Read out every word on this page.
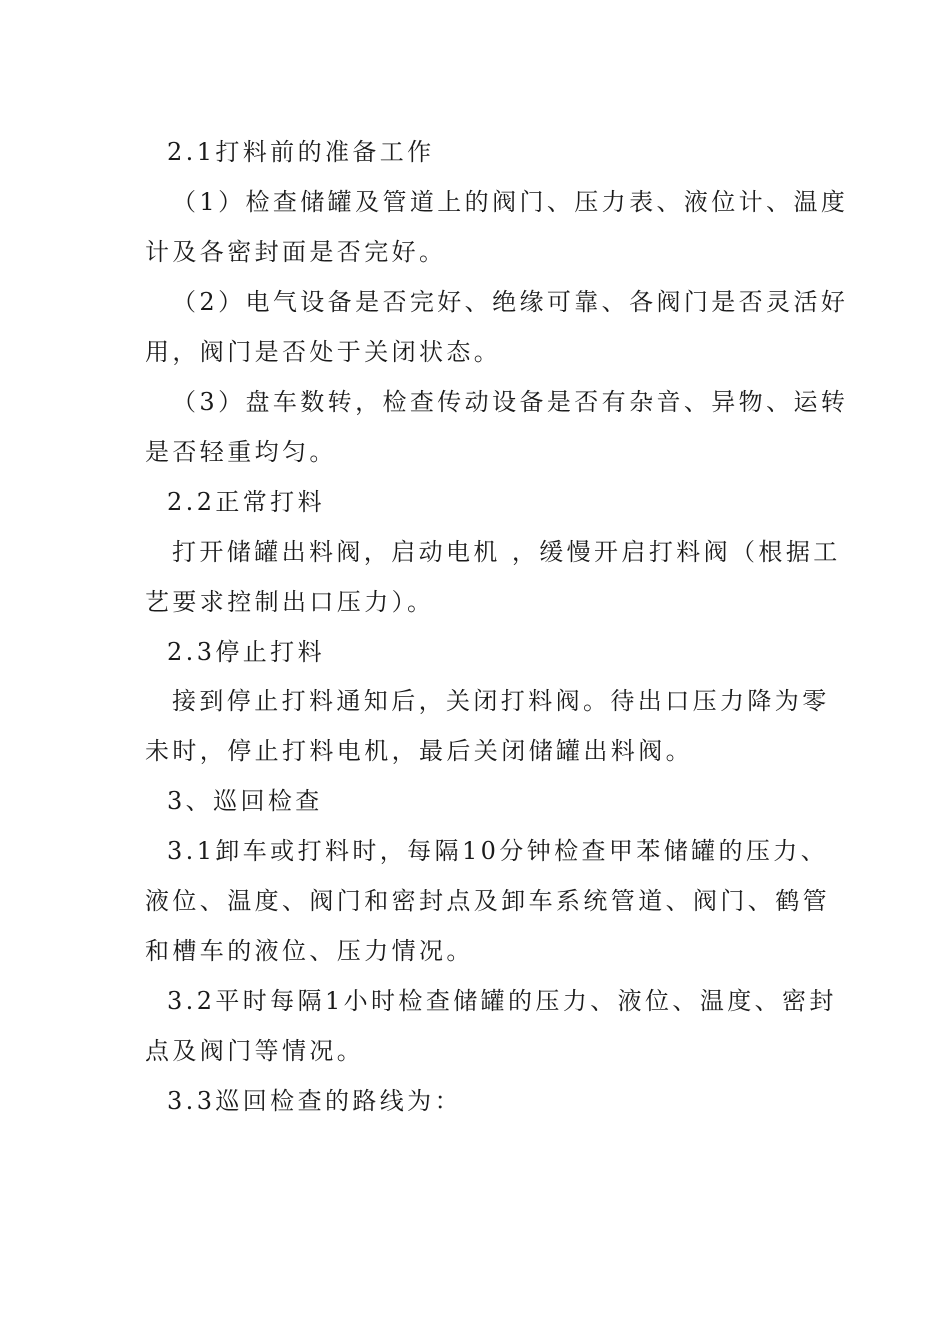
2.1打料前的准备工作
（1）检查储罐及管道上的阀门、压力表、液位计、温度
计及各密封面是否完好。
（2）电气设备是否完好、绝缘可靠、各阀门是否灵活好
用，阀门是否处于关闭状态。
（3）盘车数转，检查传动设备是否有杂音、异物、运转
是否轻重均匀。
2.2正常打料
打开储罐出料阀，启动电机 ，缓慢开启打料阀（根据工
艺要求控制出口压力）。
2.3停止打料
接到停止打料通知后，关闭打料阀。待出口压力降为零
未时，停止打料电机，最后关闭储罐出料阀。
3、巡回检查
3.1卸车或打料时，每隔10分钟检查甲苯储罐的压力、
液位、温度、阀门和密封点及卸车系统管道、阀门、鹤管
和槽车的液位、压力情况。
3.2平时每隔1小时检查储罐的压力、液位、温度、密封
点及阀门等情况。
3.3巡回检查的路线为：
